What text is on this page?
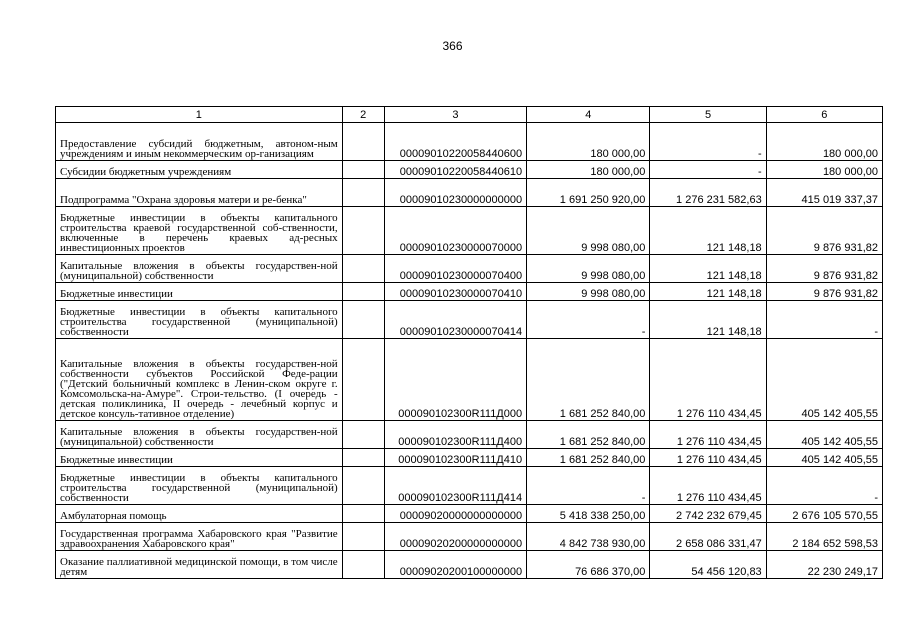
366
1	2	3	4	5	6
Предоставление субсидий бюджетным, автоном-ным учреждениям и иным некоммерческим ор-ганизациям		00009010220058440600	180 000,00	-	180 000,00
Субсидии бюджетным учреждениям		00009010220058440610	180 000,00	-	180 000,00
Подпрограмма "Охрана здоровья матери и ре-бенка"		00009010230000000000	1 691 250 920,00	1 276 231 582,63	415 019 337,37
Бюджетные инвестиции в объекты капитального строительства краевой государственной соб-ственности, включенные в перечень краевых ад-ресных инвестиционных проектов		00009010230000070000	9 998 080,00	121 148,18	9 876 931,82
Капитальные вложения в объекты государствен-ной (муниципальной) собственности		00009010230000070400	9 998 080,00	121 148,18	9 876 931,82
Бюджетные инвестиции		00009010230000070410	9 998 080,00	121 148,18	9 876 931,82
Бюджетные инвестиции в объекты капитального строительства государственной (муниципальной) собственности		00009010230000070414	-	121 148,18	-
Капитальные вложения в объекты государствен-ной собственности субъектов Российской Феде-рации ("Детский больничный комплекс в Ленин-ском округе г. Комсомольска-на-Амуре". Строи-тельство. (I очередь - детская поликлиника, II очередь - лечебный корпус и детское консуль-тативное отделение)		000090102300R111Д000	1 681 252 840,00	1 276 110 434,45	405 142 405,55
Капитальные вложения в объекты государствен-ной (муниципальной) собственности		000090102300R111Д400	1 681 252 840,00	1 276 110 434,45	405 142 405,55
Бюджетные инвестиции		000090102300R111Д410	1 681 252 840,00	1 276 110 434,45	405 142 405,55
Бюджетные инвестиции в объекты капитального строительства государственной (муниципальной) собственности		000090102300R111Д414	-	1 276 110 434,45	-
Амбулаторная помощь		00009020000000000000	5 418 338 250,00	2 742 232 679,45	2 676 105 570,55
Государственная программа Хабаровского края "Развитие здравоохранения Хабаровского края"		00009020200000000000	4 842 738 930,00	2 658 086 331,47	2 184 652 598,53
Оказание паллиативной медицинской помощи, в том числе детям		00009020200100000000	76 686 370,00	54 456 120,83	22 230 249,17
